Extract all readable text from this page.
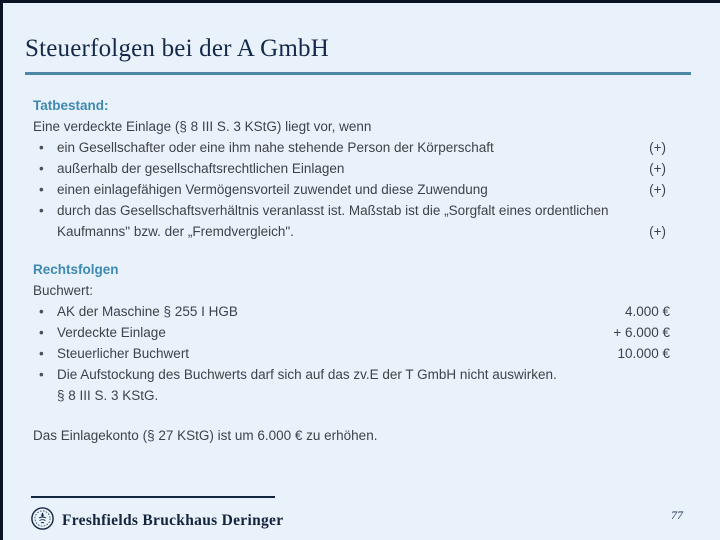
Steuerfolgen bei der A GmbH
Tatbestand:
Eine verdeckte Einlage (§ 8 III S. 3 KStG) liegt vor, wenn
• ein Gesellschafter oder eine ihm nahe stehende Person der Körperschaft	(+)
• außerhalb der gesellschaftsrechtlichen Einlagen	(+)
• einen einlagefähigen Vermögensvorteil zuwendet und diese Zuwendung	(+)
• durch das Gesellschaftsverhältnis veranlasst ist. Maßstab ist die „Sorgfalt eines ordentlichen Kaufmanns" bzw. der „Fremdvergleich".	(+)
Rechtsfolgen
Buchwert:
• AK der Maschine § 255 I HGB	4.000 €
• Verdeckte Einlage	+ 6.000 €
• Steuerlicher Buchwert	10.000 €
• Die Aufstockung des Buchwerts darf sich auf das zv.E der T GmbH nicht auswirken.
§ 8 III S. 3 KStG.
Das Einlagekonto (§ 27 KStG) ist um 6.000 € zu erhöhen.
Freshfields Bruckhaus Deringer	77
